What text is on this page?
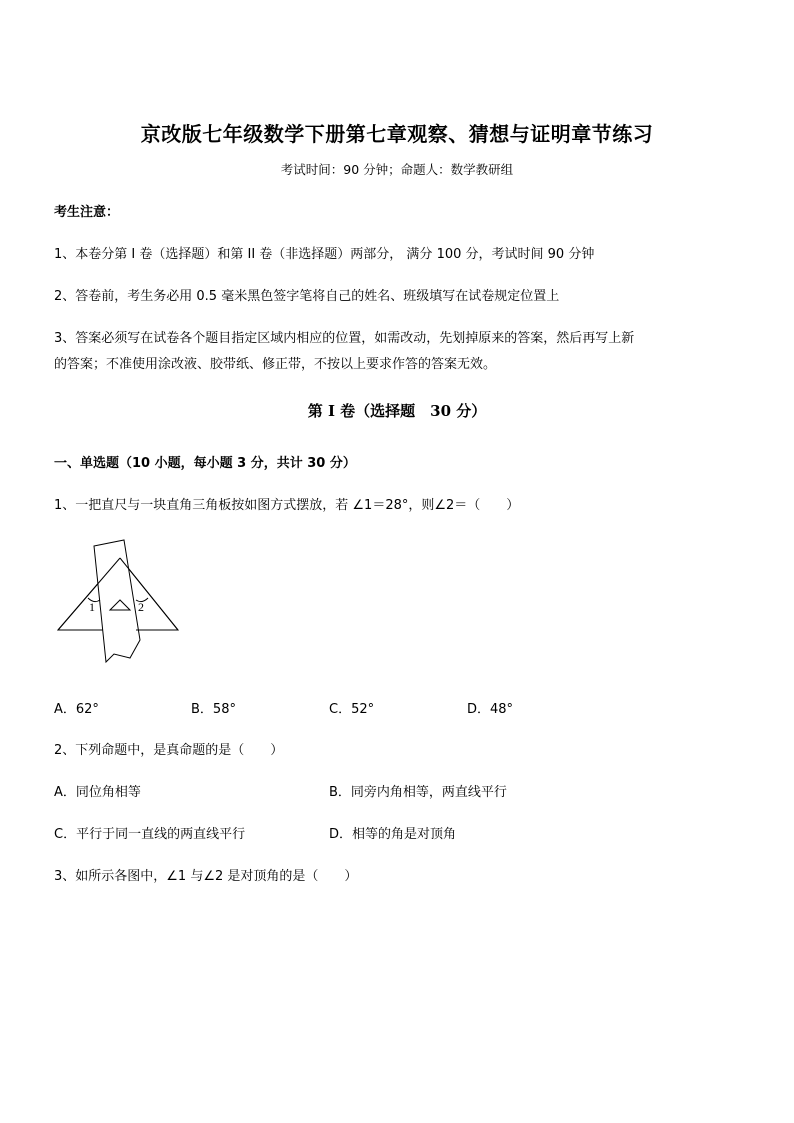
京改版七年级数学下册第七章观察、猜想与证明章节练习
考试时间：90 分钟；命题人：数学教研组
考生注意：
1、本卷分第 I 卷（选择题）和第 II 卷（非选择题）两部分， 满分 100 分，考试时间 90 分钟
2、答卷前，考生务必用 0.5 毫米黑色签字笔将自己的姓名、班级填写在试卷规定位置上
3、答案必须写在试卷各个题目指定区域内相应的位置，如需改动，先划掉原来的答案，然后再写上新
的答案；不准使用涂改液、胶带纸、修正带，不按以上要求作答的答案无效。
第 I 卷（选择题　30 分）
一、单选题（10 小题，每小题 3 分，共计 30 分）
1、一把直尺与一块直角三角板按如图方式摆放，若 ∠1＝28°，则∠2＝（　　）
1	2
A．62°	B．58°	C．52°	D．48°
2、下列命题中，是真命题的是（　　）
A．同位角相等	B．同旁内角相等，两直线平行
C．平行于同一直线的两直线平行	D．相等的角是对顶角
3、如所示各图中，∠1 与∠2 是对顶角的是（　　）
